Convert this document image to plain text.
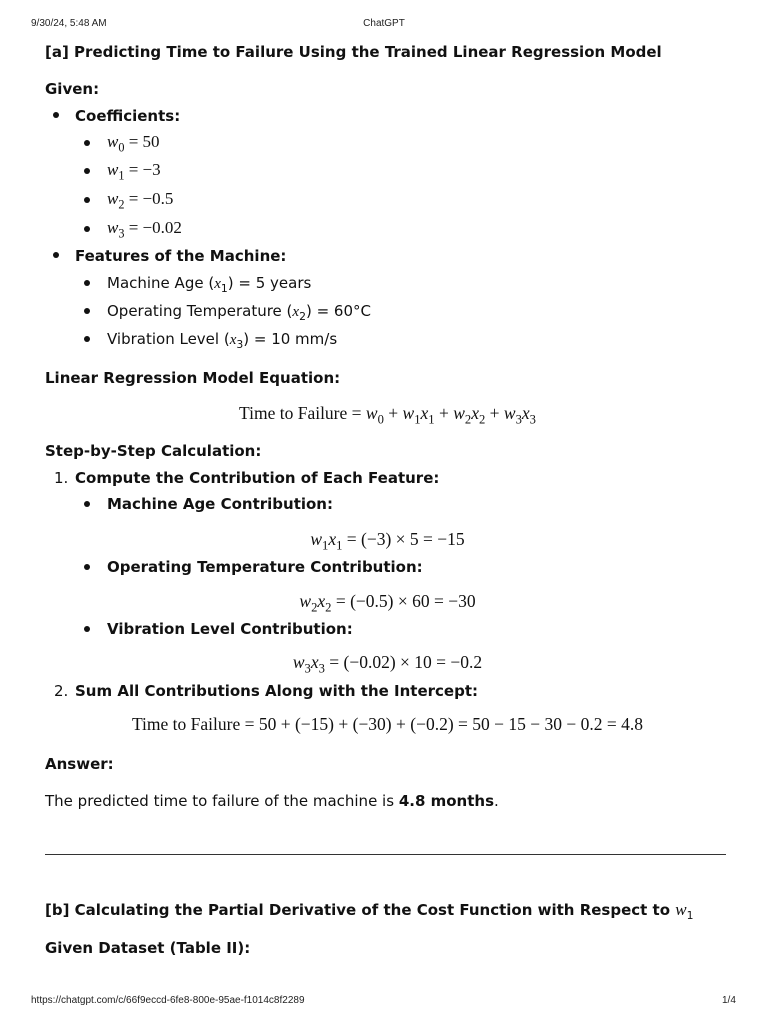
9/30/24, 5:48 AM	ChatGPT
[a] Predicting Time to Failure Using the Trained Linear Regression Model
Given:
Coefficients:
$w_0 = 50$
$w_1 = -3$
$w_2 = -0.5$
$w_3 = -0.02$
Features of the Machine:
Machine Age $(x_1) = 5$ years
Operating Temperature $(x_2) = 60^\circ C$
Vibration Level $(x_3) = 10$ mm/s
Linear Regression Model Equation:
Time to Failure = $w_0 + w_1x_1 + w_2x_2 + w_3x_3$
Step-by-Step Calculation:
1. Compute the Contribution of Each Feature:
Machine Age Contribution:
$w_1x_1 = (-3) \times 5 = -15$
Operating Temperature Contribution:
$w_2x_2 = (-0.5) \times 60 = -30$
Vibration Level Contribution:
$w_3x_3 = (-0.02) \times 10 = -0.2$
2. Sum All Contributions Along with the Intercept:
Time to Failure = 50 + (−15) + (−30) + (−0.2) = 50 − 15 − 30 − 0.2 = 4.8
Answer:
The predicted time to failure of the machine is 4.8 months.
[b] Calculating the Partial Derivative of the Cost Function with Respect to $w_1$
Given Dataset (Table II):
https://chatgpt.com/c/66f9eccd-6fe8-800e-95ae-f1014c8f2289	1/4
